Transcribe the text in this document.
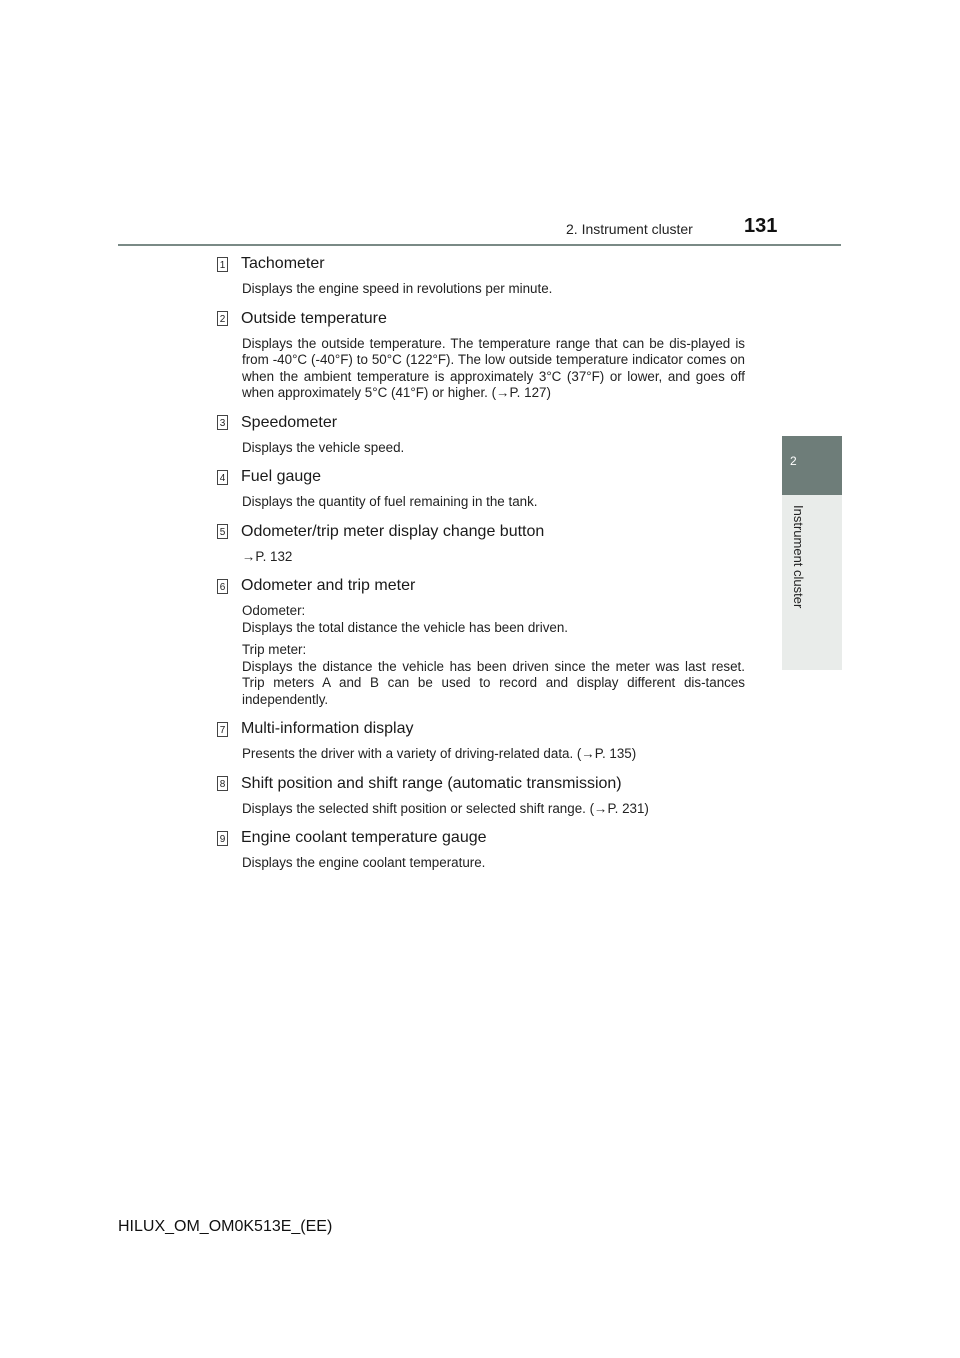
2. Instrument cluster	131
2
Instrument cluster
1 Tachometer

Displays the engine speed in revolutions per minute.

2 Outside temperature

Displays the outside temperature. The temperature range that can be dis-played is from -40°C (-40°F) to 50°C (122°F). The low outside temperature indicator comes on when the ambient temperature is approximately 3°C (37°F) or lower, and goes off when approximately 5°C (41°F) or higher. (→P. 127)

3 Speedometer

Displays the vehicle speed.

4 Fuel gauge

Displays the quantity of fuel remaining in the tank.

5 Odometer/trip meter display change button

→P. 132

6 Odometer and trip meter

Odometer:
Displays the total distance the vehicle has been driven.

Trip meter:
Displays the distance the vehicle has been driven since the meter was last reset. Trip meters A and B can be used to record and display different dis-tances independently.

7 Multi-information display

Presents the driver with a variety of driving-related data. (→P. 135)

8 Shift position and shift range (automatic transmission)

Displays the selected shift position or selected shift range. (→P. 231)

9 Engine coolant temperature gauge

Displays the engine coolant temperature.

HILUX_OM_OM0K513E_(EE)
